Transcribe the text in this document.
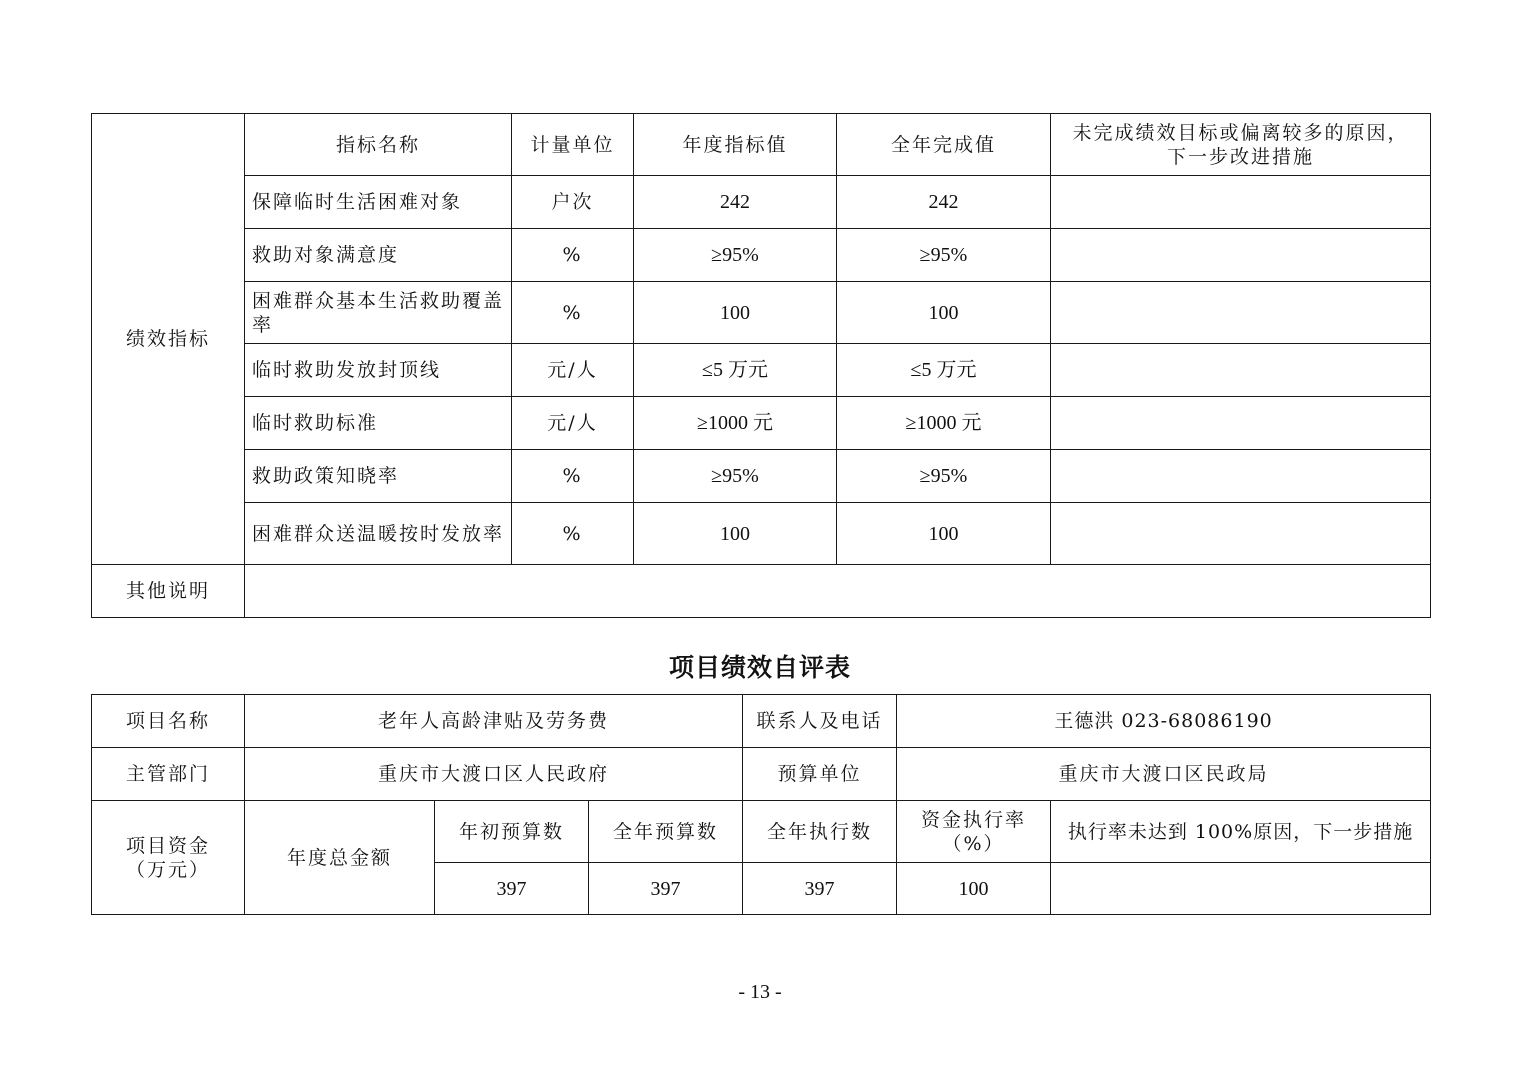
绩效指标	指标名称	计量单位	年度指标值	全年完成值	未完成绩效目标或偏离较多的原因，下一步改进措施
	保障临时生活困难对象	户次	242	242	
	救助对象满意度	%	≥95%	≥95%	
	困难群众基本生活救助覆盖率	%	100	100	
	临时救助发放封顶线	元/人	≤5 万元	≤5 万元	
	临时救助标准	元/人	≥1000 元	≥1000 元	
	救助政策知晓率	%	≥95%	≥95%	
	困难群众送温暖按时发放率	%	100	100	
其他说明					
项目绩效自评表
项目名称	老年人高龄津贴及劳务费			联系人及电话	王德洪 023-68086190	
主管部门	重庆市大渡口区人民政府			预算单位	重庆市大渡口区民政局	
项目资金（万元）	年度总金额	年初预算数	全年预算数	全年执行数	资金执行率（%）	执行率未达到 100%原因，下一步措施
		397	397	397	100	
- 13 -
